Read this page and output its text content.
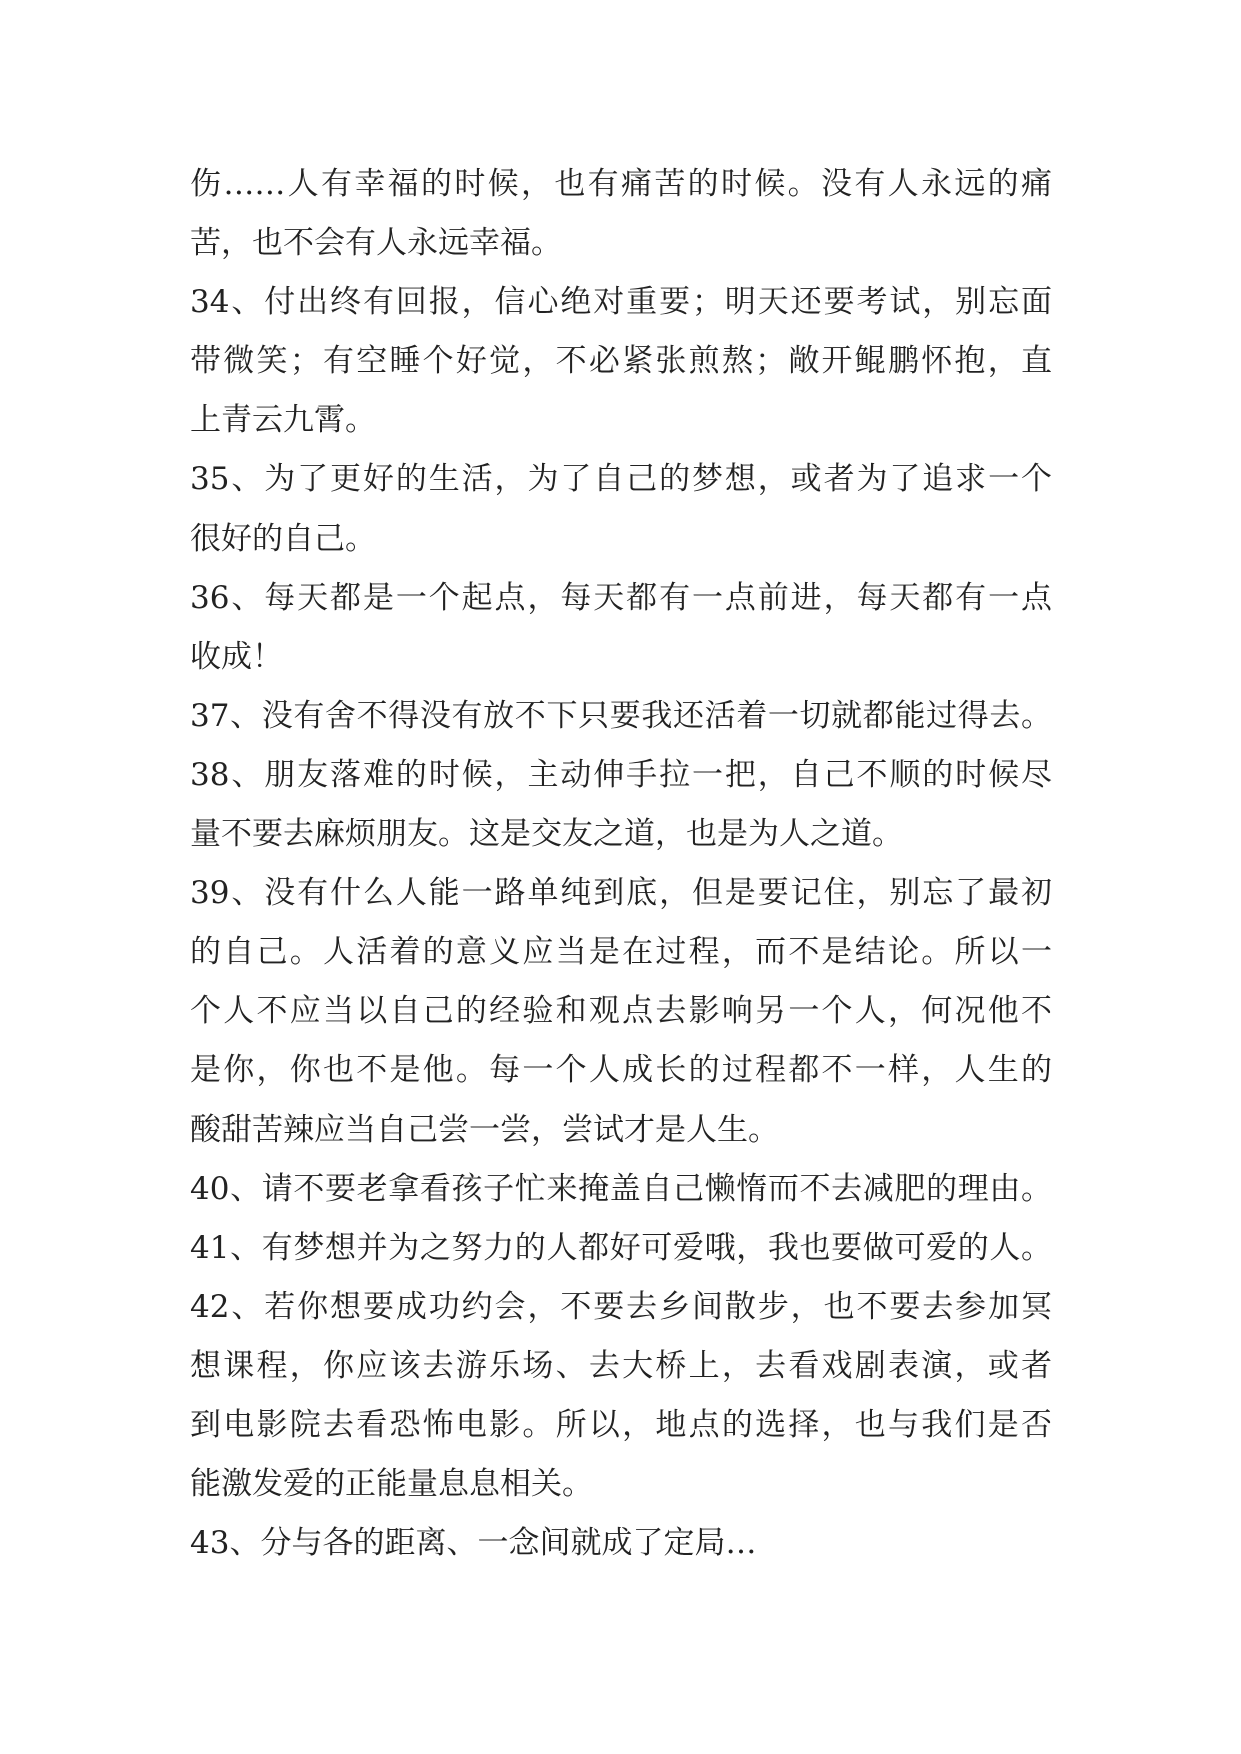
伤……人有幸福的时候，也有痛苦的时候。没有人永远的痛
苦，也不会有人永远幸福。
34、付出终有回报，信心绝对重要；明天还要考试，别忘面
带微笑；有空睡个好觉，不必紧张煎熬；敞开鲲鹏怀抱，直
上青云九霄。
35、为了更好的生活，为了自己的梦想，或者为了追求一个
很好的自己。
36、每天都是一个起点，每天都有一点前进，每天都有一点
收成！
37、没有舍不得没有放不下只要我还活着一切就都能过得去。
38、朋友落难的时候，主动伸手拉一把，自己不顺的时候尽
量不要去麻烦朋友。这是交友之道，也是为人之道。
39、没有什么人能一路单纯到底，但是要记住，别忘了最初
的自己。人活着的意义应当是在过程，而不是结论。所以一
个人不应当以自己的经验和观点去影响另一个人，何况他不
是你，你也不是他。每一个人成长的过程都不一样，人生的
酸甜苦辣应当自己尝一尝，尝试才是人生。
40、请不要老拿看孩子忙来掩盖自己懒惰而不去减肥的理由。
41、有梦想并为之努力的人都好可爱哦，我也要做可爱的人。
42、若你想要成功约会，不要去乡间散步，也不要去参加冥
想课程，你应该去游乐场、去大桥上，去看戏剧表演，或者
到电影院去看恐怖电影。所以，地点的选择，也与我们是否
能激发爱的正能量息息相关。
43、分与各的距离、一念间就成了定局…
